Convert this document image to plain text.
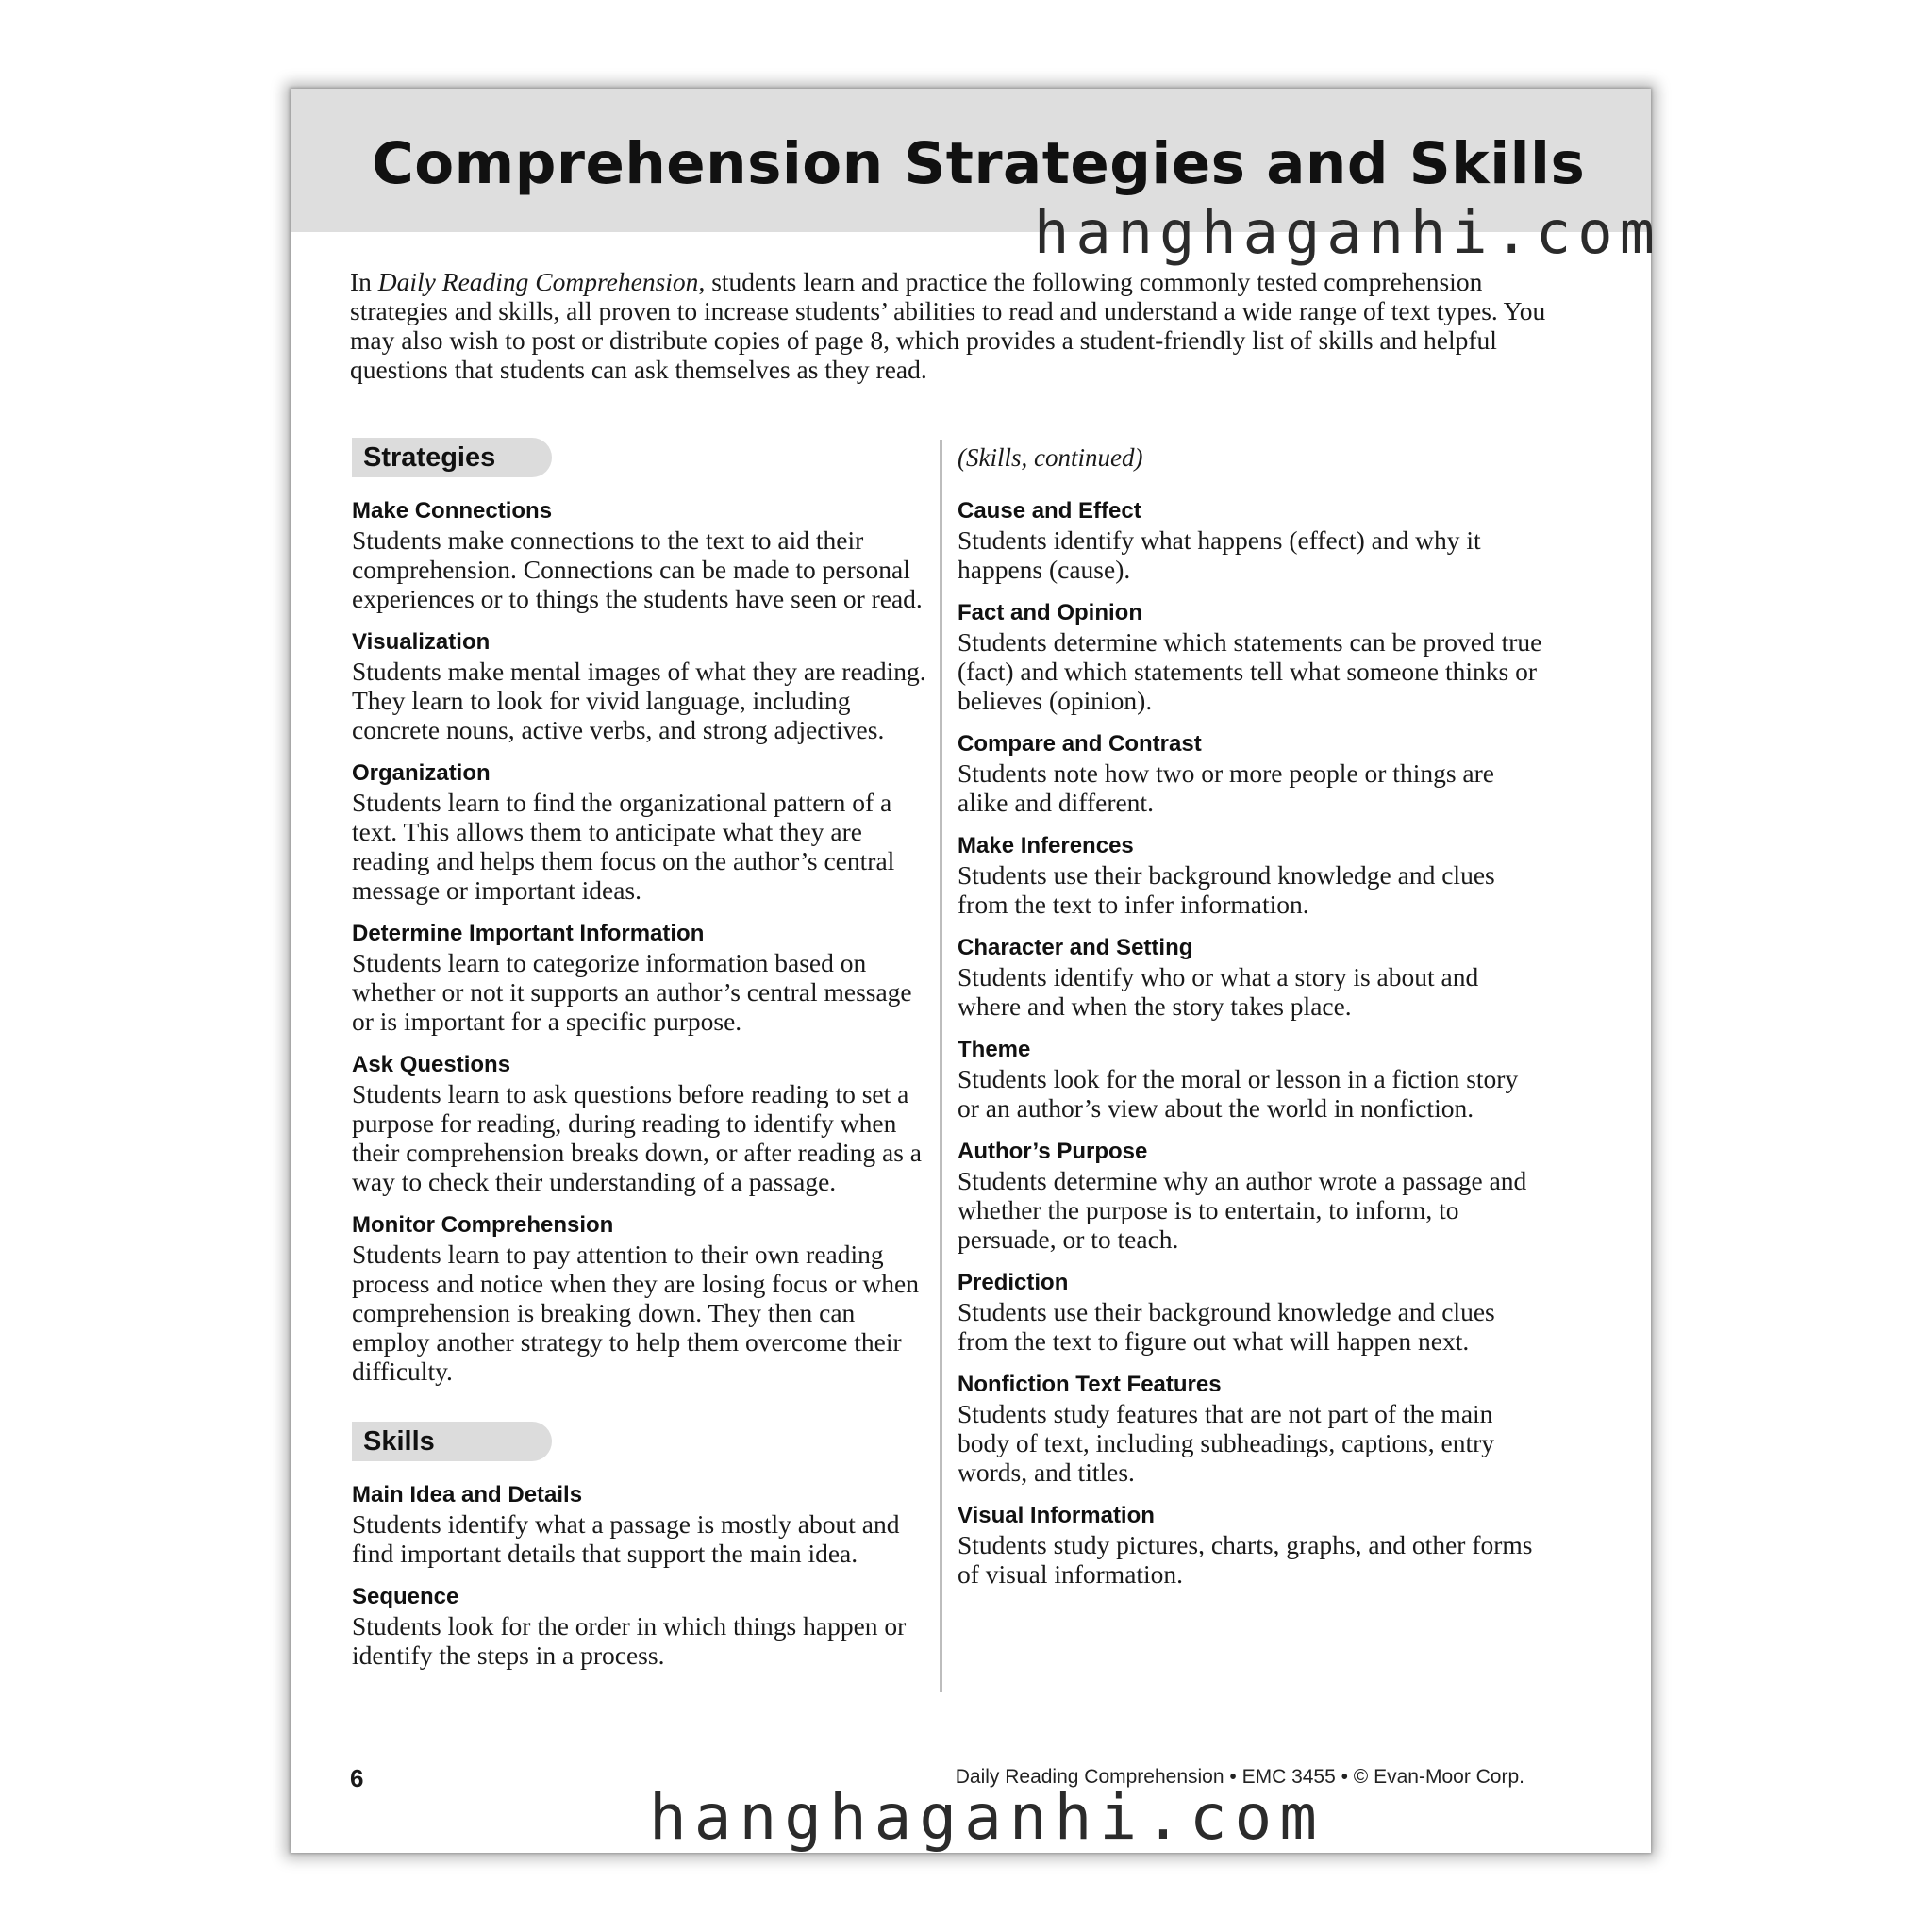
Comprehension Strategies and Skills
hanghaganhi.com

In Daily Reading Comprehension, students learn and practice the following commonly tested comprehension strategies and skills, all proven to increase students’ abilities to read and understand a wide range of text types. You may also wish to post or distribute copies of page 8, which provides a student-friendly list of skills and helpful questions that students can ask themselves as they read.

Strategies
Make Connections

Students make connections to the text to aid their comprehension. Connections can be made to personal experiences or to things the students have seen or read.

Visualization

Students make mental images of what they are reading. They learn to look for vivid language, including concrete nouns, active verbs, and strong adjectives.

Organization

Students learn to find the organizational pattern of a text. This allows them to anticipate what they are reading and helps them focus on the author’s central message or important ideas.

Determine Important Information

Students learn to categorize information based on whether or not it supports an author’s central message or is important for a specific purpose.

Ask Questions

Students learn to ask questions before reading to set a purpose for reading, during reading to identify when their comprehension breaks down, or after reading as a way to check their understanding of a passage.

Monitor Comprehension

Students learn to pay attention to their own reading process and notice when they are losing focus or when comprehension is breaking down. They then can employ another strategy to help them overcome their difficulty.

Skills
Main Idea and Details

Students identify what a passage is mostly about and find important details that support the main idea.

Sequence

Students look for the order in which things happen or identify the steps in a process.

(Skills, continued)
Cause and Effect

Students identify what happens (effect) and why it happens (cause).

Fact and Opinion

Students determine which statements can be proved true (fact) and which statements tell what someone thinks or believes (opinion).

Compare and Contrast

Students note how two or more people or things are alike and different.

Make Inferences

Students use their background knowledge and clues from the text to infer information.

Character and Setting

Students identify who or what a story is about and where and when the story takes place.

Theme

Students look for the moral or lesson in a fiction story or an author’s view about the world in nonfiction.

Author’s Purpose

Students determine why an author wrote a passage and whether the purpose is to entertain, to inform, to persuade, or to teach.

Prediction

Students use their background knowledge and clues from the text to figure out what will happen next.

Nonfiction Text Features

Students study features that are not part of the main body of text, including subheadings, captions, entry words, and titles.

Visual Information

Students study pictures, charts, graphs, and other forms of visual information.

6	Daily Reading Comprehension • EMC 3455 • © Evan-Moor Corp.
hanghaganhi.com
